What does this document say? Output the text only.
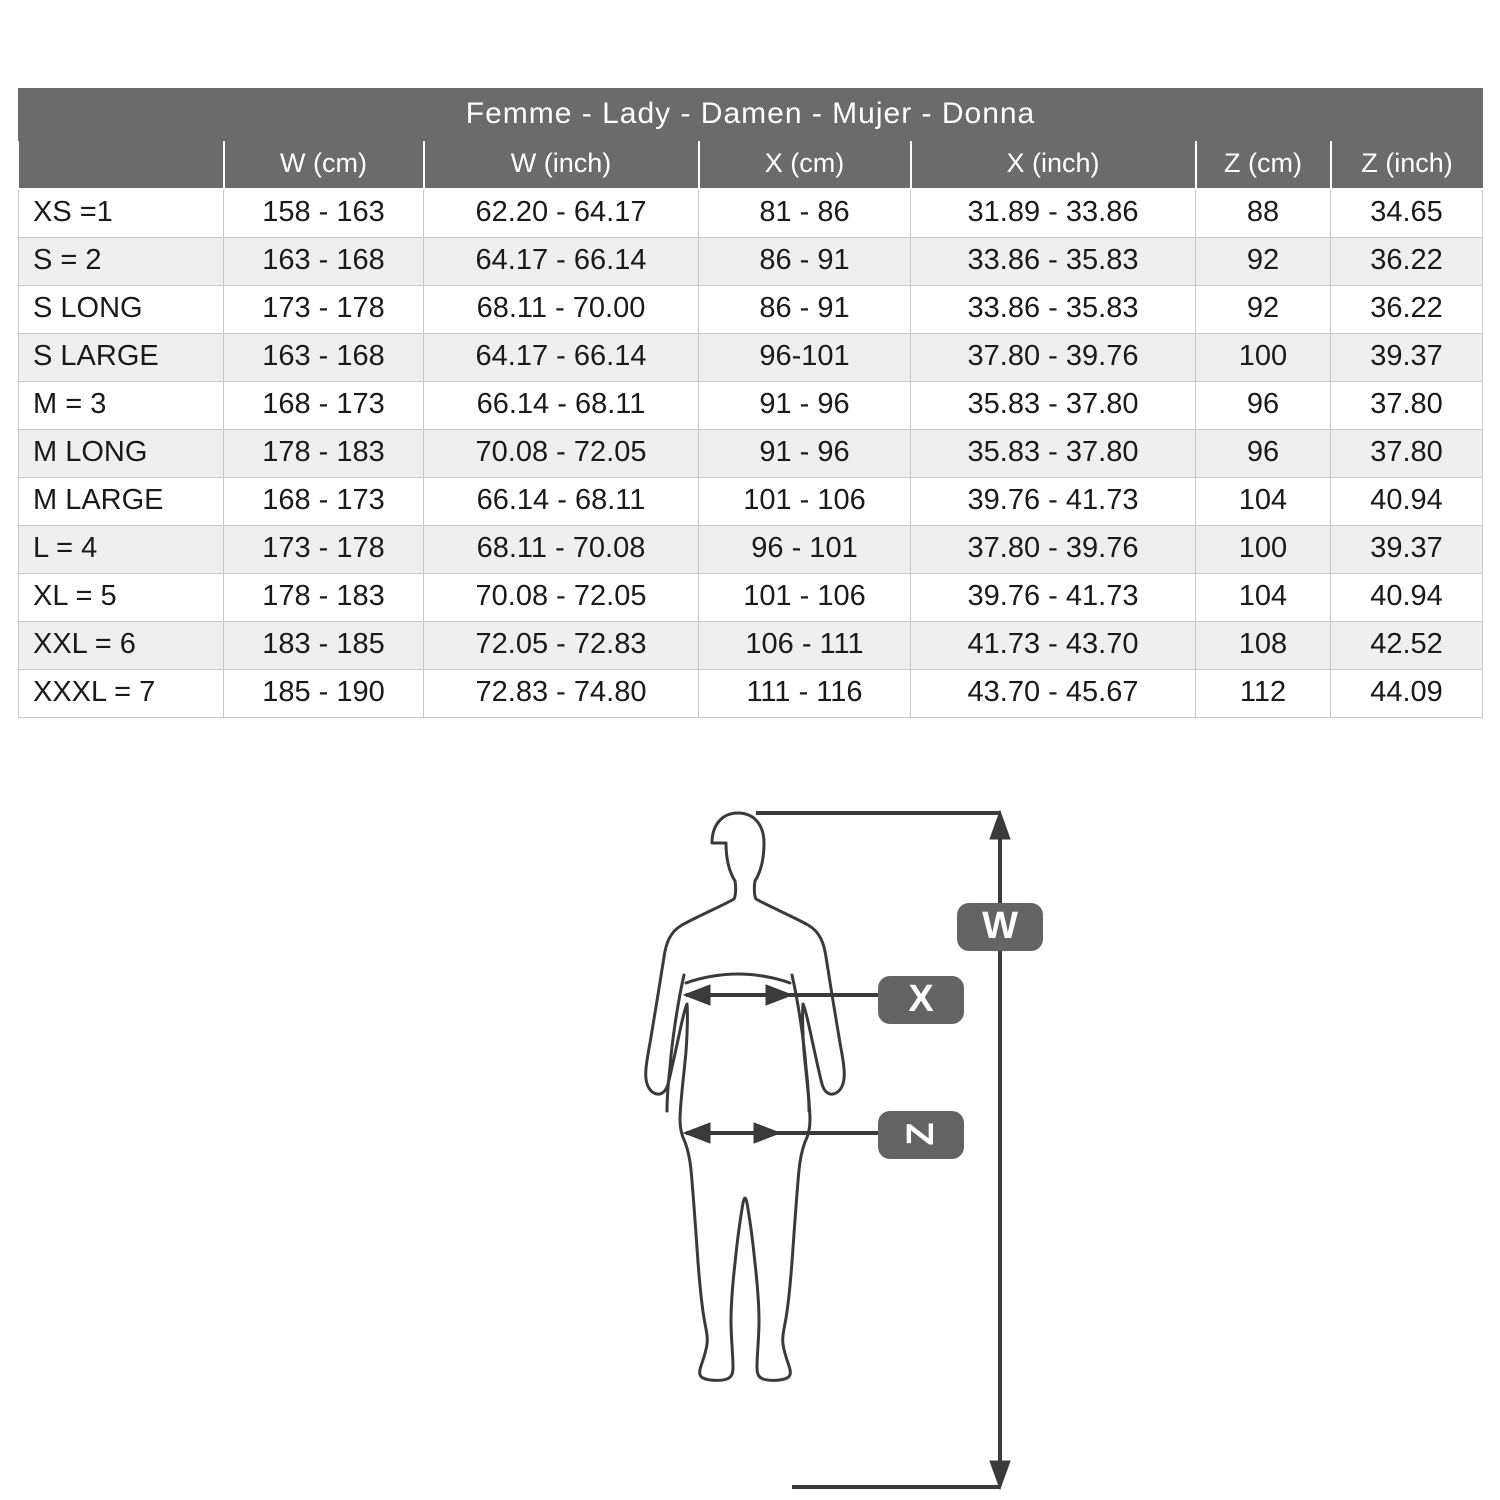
Femme - Lady - Damen - Mujer - Donna
	W (cm)	W (inch)	X (cm)	X (inch)	Z (cm)	Z (inch)
XS =1	158 - 163	62.20 - 64.17	81 - 86	31.89 - 33.86	88	34.65
S = 2	163 - 168	64.17 - 66.14	86 - 91	33.86 - 35.83	92	36.22
S LONG	173 - 178	68.11 - 70.00	86 - 91	33.86 - 35.83	92	36.22
S LARGE	163 - 168	64.17 - 66.14	96-101	37.80 - 39.76	100	39.37
M = 3	168 - 173	66.14 - 68.11	91 - 96	35.83 - 37.80	96	37.80
M LONG	178 - 183	70.08 - 72.05	91 - 96	35.83 - 37.80	96	37.80
M LARGE	168 - 173	66.14 - 68.11	101 - 106	39.76 - 41.73	104	40.94
L = 4	173 - 178	68.11 - 70.08	96 - 101	37.80 - 39.76	100	39.37
XL = 5	178 - 183	70.08 - 72.05	101 - 106	39.76 - 41.73	104	40.94
XXL = 6	183 - 185	72.05 - 72.83	106 - 111	41.73 - 43.70	108	42.52
XXXL = 7	185 - 190	72.83 - 74.80	111 - 116	43.70 - 45.67	112	44.09
W
X
Z
